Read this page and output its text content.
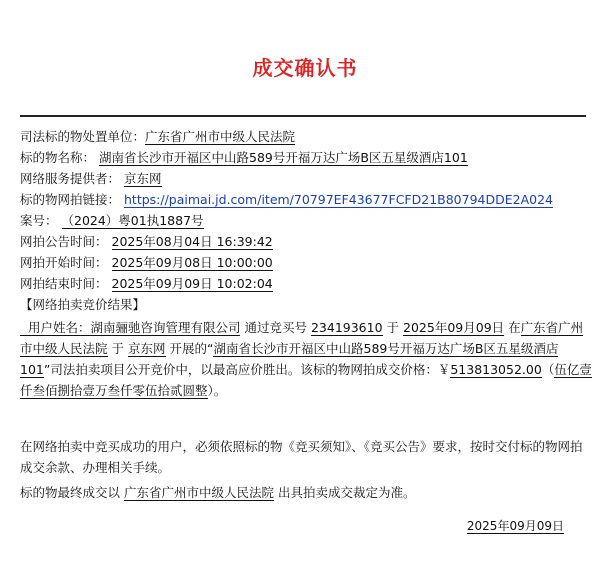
成交确认书
司法标的物处置单位：广东省广州市中级人民法院
标的物名称： 湖南省长沙市开福区中山路589号开福万达广场B区五星级酒店101
网络服务提供者： 京东网
标的物网拍链接： https://paimai.jd.com/item/70797EF43677FCFD21B80794DDE2A024
案号： （2024）粤01执1887号
网拍公告时间： 2025年08月04日 16:39:42
网拍开始时间： 2025年09月08日 10:00:00
网拍结束时间： 2025年09月09日 10:02:04
【网络拍卖竞价结果】
用户姓名：湖南骊驰咨询管理有限公司 通过竞买号 234193610 于 2025年09月09日 在广东省广州市中级人民法院 于 京东网 开展的“湖南省长沙市开福区中山路589号开福万达广场B区五星级酒店101”司法拍卖项目公开竞价中，以最高应价胜出。该标的物网拍成交价格：￥513813052.00（伍亿壹仟叁佰捌拾壹万叁仟零伍拾贰圆整）。
在网络拍卖中竞买成功的用户，必须依照标的物《竞买须知》、《竞买公告》要求，按时交付标的物网拍成交余款、办理相关手续。
标的物最终成交以 广东省广州市中级人民法院 出具拍卖成交裁定为准。
2025年09月09日
